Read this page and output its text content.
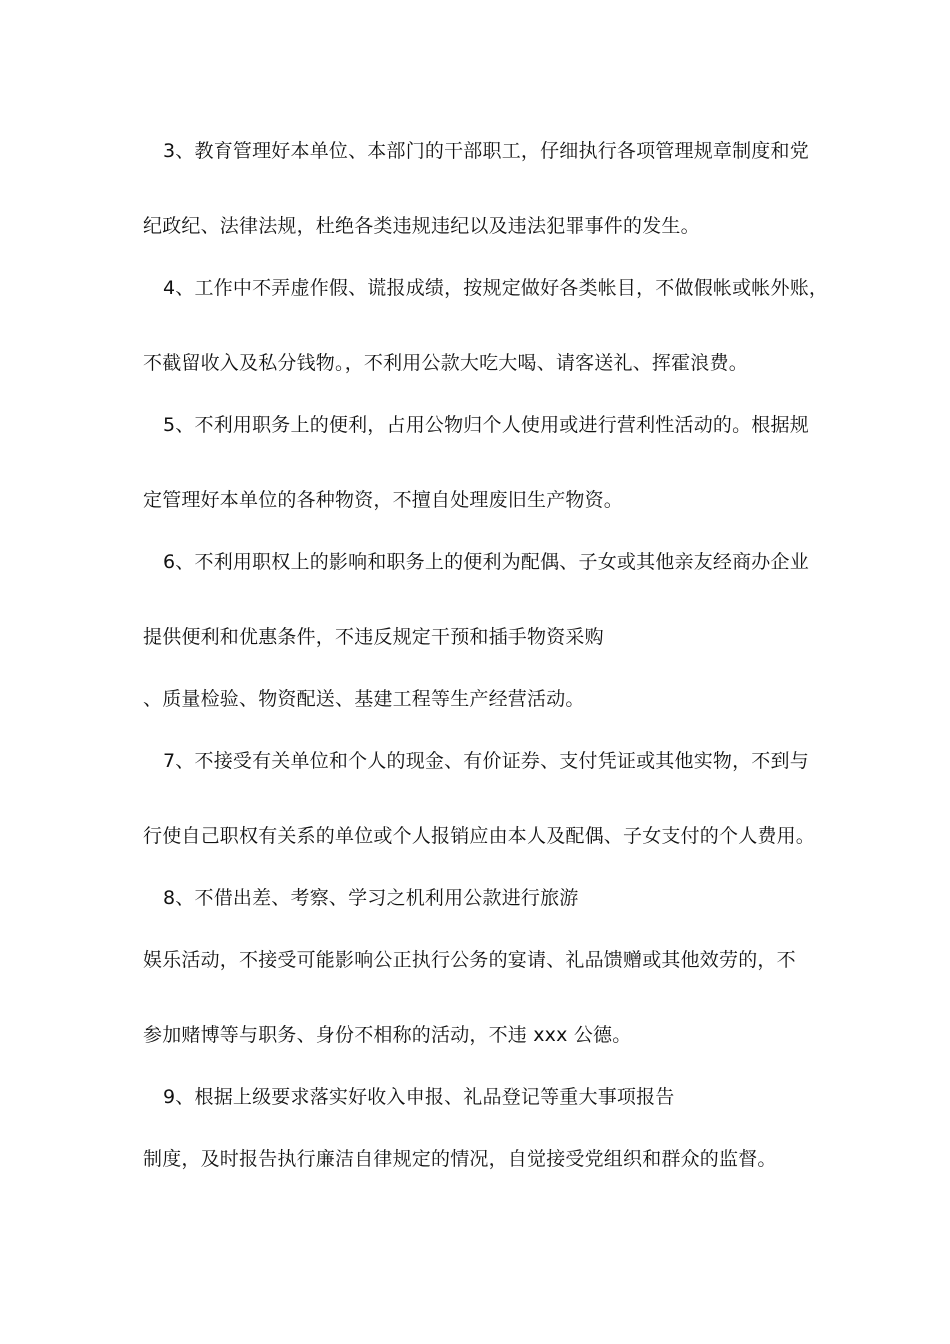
3、教育管理好本单位、本部门的干部职工，仔细执行各项管理规章制度和党
纪政纪、法律法规，杜绝各类违规违纪以及违法犯罪事件的发生。
4、工作中不弄虚作假、谎报成绩，按规定做好各类帐目，不做假帐或帐外账，
不截留收入及私分钱物。，不利用公款大吃大喝、请客送礼、挥霍浪费。
5、不利用职务上的便利，占用公物归个人使用或进行营利性活动的。根据规
定管理好本单位的各种物资，不擅自处理废旧生产物资。
6、不利用职权上的影响和职务上的便利为配偶、子女或其他亲友经商办企业
提供便利和优惠条件，不违反规定干预和插手物资采购
、质量检验、物资配送、基建工程等生产经营活动。
7、不接受有关单位和个人的现金、有价证券、支付凭证或其他实物，不到与
行使自己职权有关系的单位或个人报销应由本人及配偶、子女支付的个人费用。
8、不借出差、考察、学习之机利用公款进行旅游
娱乐活动，不接受可能影响公正执行公务的宴请、礼品馈赠或其他效劳的，不
参加赌博等与职务、身份不相称的活动，不违 xxx 公德。
9、根据上级要求落实好收入申报、礼品登记等重大事项报告
制度，及时报告执行廉洁自律规定的情况，自觉接受党组织和群众的监督。
